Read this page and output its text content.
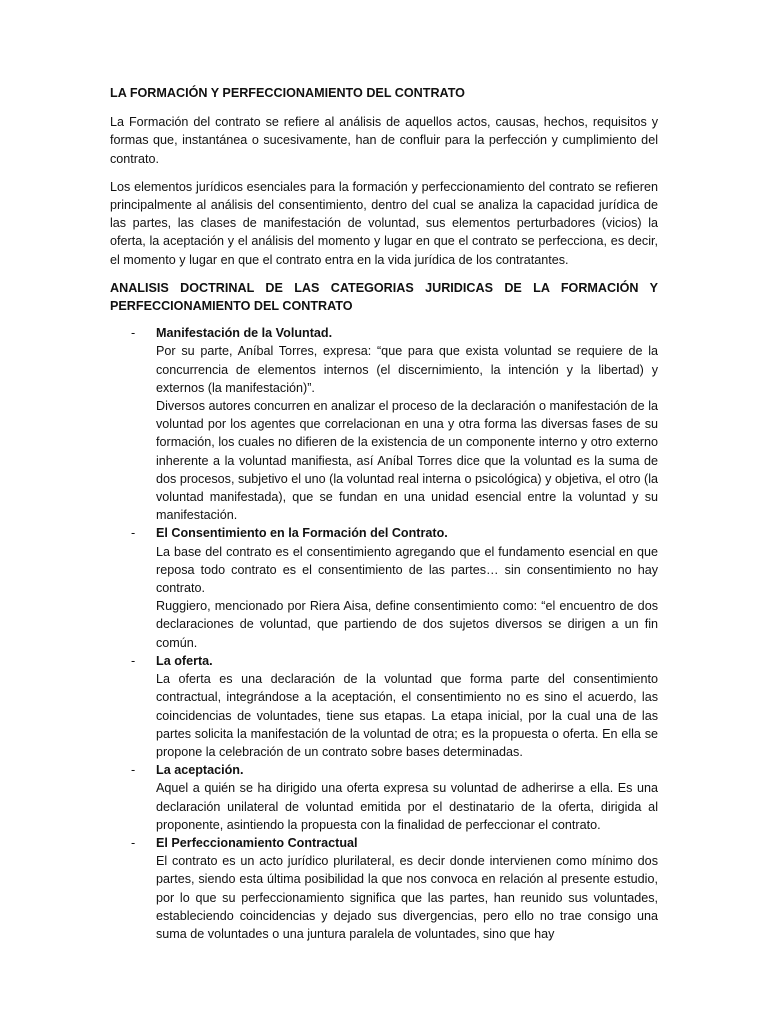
LA FORMACIÓN Y PERFECCIONAMIENTO DEL CONTRATO

La Formación del contrato se refiere al análisis de aquellos actos, causas, hechos, requisitos y formas que, instantánea o sucesivamente, han de confluir para la perfección y cumplimiento del contrato.

Los elementos jurídicos esenciales para la formación y perfeccionamiento del contrato se refieren principalmente al análisis del consentimiento, dentro del cual se analiza la capacidad jurídica de las partes, las clases de manifestación de voluntad, sus elementos perturbadores (vicios) la oferta, la aceptación y el análisis del momento y lugar en que el contrato se perfecciona, es decir, el momento y lugar en que el contrato entra en la vida jurídica de los contratantes.

ANALISIS DOCTRINAL DE LAS CATEGORIAS JURIDICAS DE LA FORMACIÓN Y PERFECCIONAMIENTO DEL CONTRATO

- Manifestación de la Voluntad.
Por su parte, Aníbal Torres, expresa: “que para que exista voluntad se requiere de la concurrencia de elementos internos (el discernimiento, la intención y la libertad) y externos (la manifestación)”.
Diversos autores concurren en analizar el proceso de la declaración o manifestación de la voluntad por los agentes que correlacionan en una y otra forma las diversas fases de su formación, los cuales no difieren de la existencia de un componente interno y otro externo inherente a la voluntad manifiesta, así Aníbal Torres dice que la voluntad es la suma de dos procesos, subjetivo el uno (la voluntad real interna o psicológica) y objetiva, el otro (la voluntad manifestada), que se fundan en una unidad esencial entre la voluntad y su manifestación.
- El Consentimiento en la Formación del Contrato.
La base del contrato es el consentimiento agregando que el fundamento esencial en que reposa todo contrato es el consentimiento de las partes… sin consentimiento no hay contrato.
Ruggiero, mencionado por Riera Aisa, define consentimiento como: “el encuentro de dos declaraciones de voluntad, que partiendo de dos sujetos diversos se dirigen a un fin común.
- La oferta.
La oferta es una declaración de la voluntad que forma parte del consentimiento contractual, integrándose a la aceptación, el consentimiento no es sino el acuerdo, las coincidencias de voluntades, tiene sus etapas. La etapa inicial, por la cual una de las partes solicita la manifestación de la voluntad de otra; es la propuesta o oferta. En ella se propone la celebración de un contrato sobre bases determinadas.
- La aceptación.
Aquel a quién se ha dirigido una oferta expresa su voluntad de adherirse a ella. Es una declaración unilateral de voluntad emitida por el destinatario de la oferta, dirigida al proponente, asintiendo la propuesta con la finalidad de perfeccionar el contrato.
- El Perfeccionamiento Contractual
El contrato es un acto jurídico plurilateral, es decir donde intervienen como mínimo dos partes, siendo esta última posibilidad la que nos convoca en relación al presente estudio, por lo que su perfeccionamiento significa que las partes, han reunido sus voluntades, estableciendo coincidencias y dejado sus divergencias, pero ello no trae consigo una suma de voluntades o una juntura paralela de voluntades, sino que hay
